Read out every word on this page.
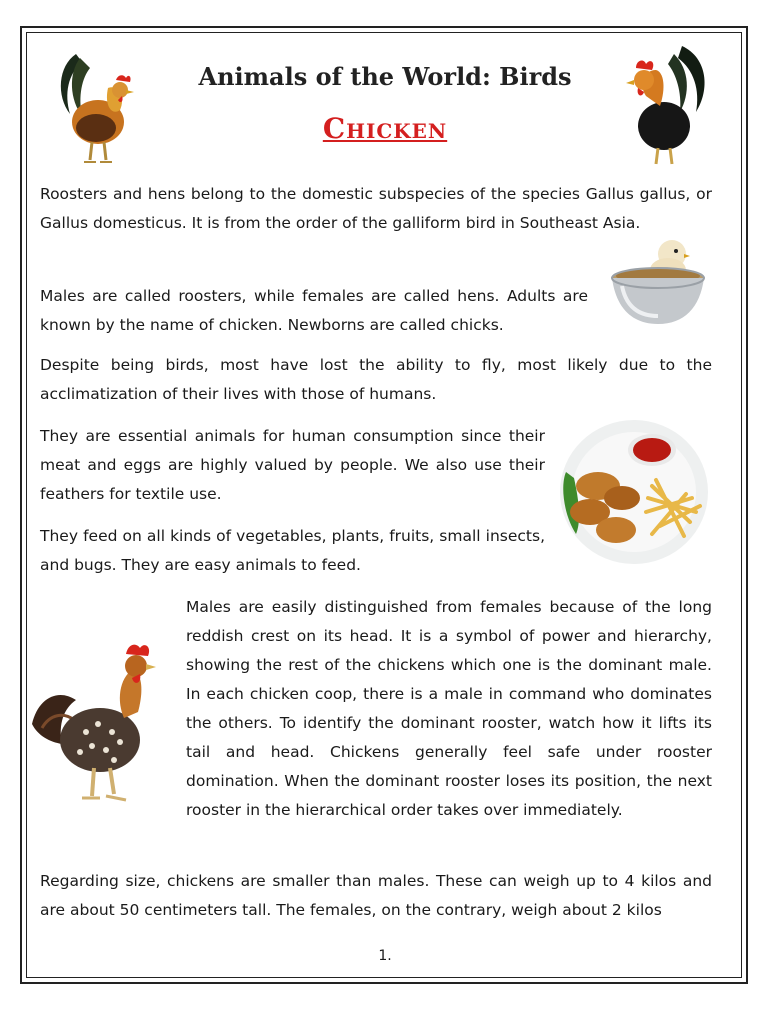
Animals of the World: Birds
Chicken

Roosters and hens belong to the domestic subspecies of the species Gallus gallus, or Gallus domesticus. It is from the order of the galliform bird in Southeast Asia.

Males are called roosters, while females are called hens. Adults are known by the name of chicken. Newborns are called chicks.

Despite being birds, most have lost the ability to fly, most likely due to the acclimatization of their lives with those of humans.

They are essential animals for human consumption since their meat and eggs are highly valued by people. We also use their feathers for textile use.

They feed on all kinds of vegetables, plants, fruits, small insects, and bugs. They are easy animals to feed.

Males are easily distinguished from females because of the long reddish crest on its head. It is a symbol of power and hierarchy, showing the rest of the chickens which one is the dominant male. In each chicken coop, there is a male in command who dominates the others. To identify the dominant rooster, watch how it lifts its tail and head. Chickens generally feel safe under rooster domination. When the dominant rooster loses its position, the next rooster in the hierarchical order takes over immediately.

Regarding size, chickens are smaller than males. These can weigh up to 4 kilos and are about 50 centimeters tall. The females, on the contrary, weigh about 2 kilos

1.
